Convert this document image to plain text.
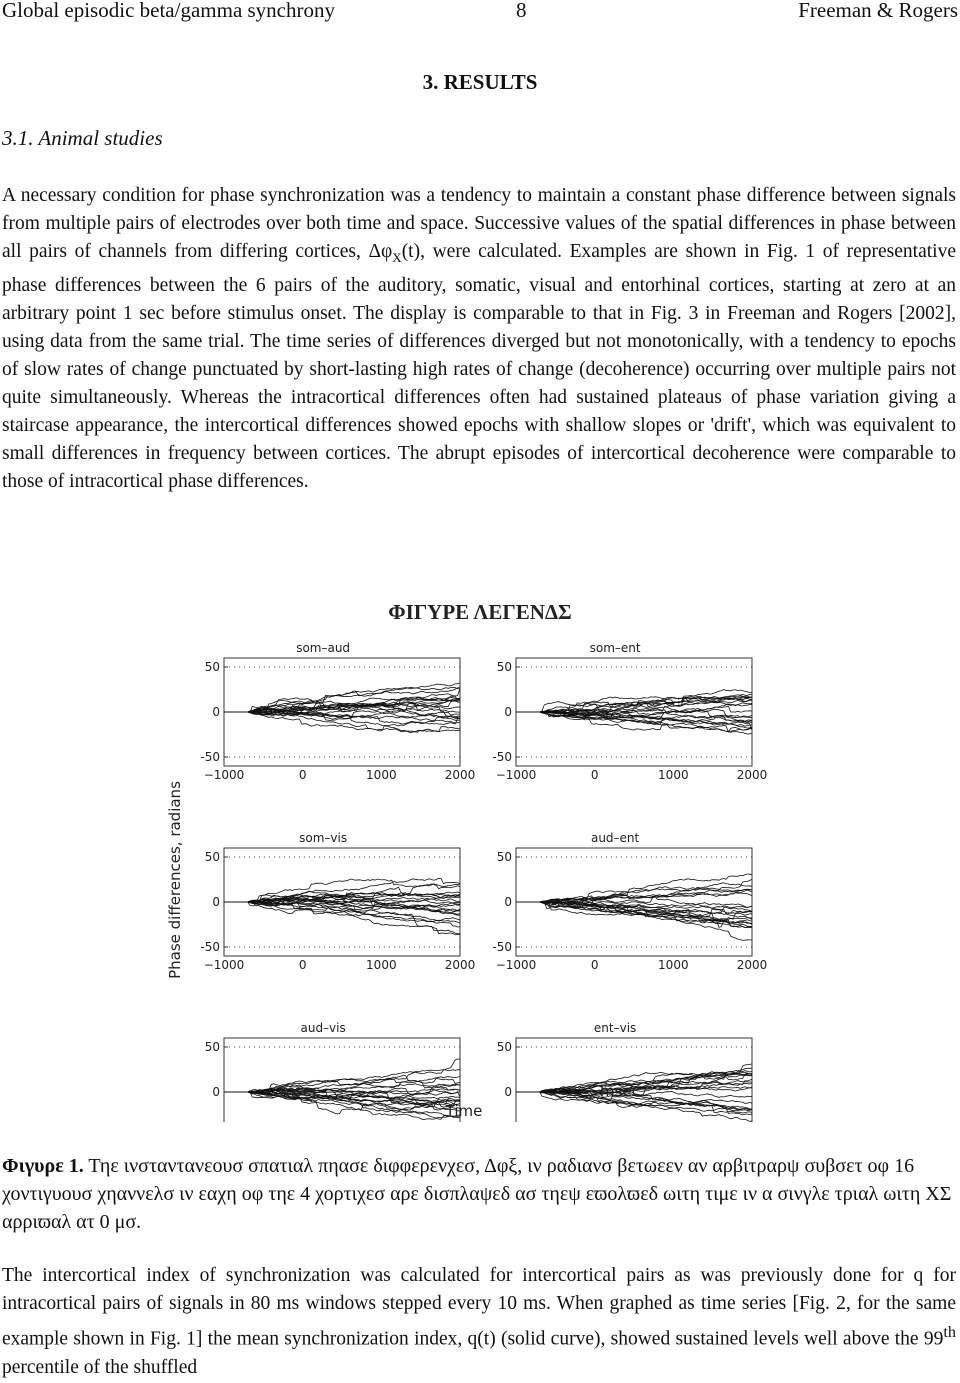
Global episodic beta/gamma synchrony	8	Freeman & Rogers
3. RESULTS
3.1. Animal studies
A necessary condition for phase synchronization was a tendency to maintain a constant phase difference between signals from multiple pairs of electrodes over both time and space. Successive values of the spatial differences in phase between all pairs of channels from differing cortices, $\Delta\varphi_X(t)$, were calculated. Examples are shown in Fig. 1 of representative phase differences between the 6 pairs of the auditory, somatic, visual and entorhinal cortices, starting at zero at an arbitrary point 1 sec before stimulus onset. The display is comparable to that in Fig. 3 in Freeman and Rogers [2002], using data from the same trial. The time series of differences diverged but not monotonically, with a tendency to epochs of slow rates of change punctuated by short-lasting high rates of change (decoherence) occurring over multiple pairs not quite simultaneously. Whereas the intracortical differences often had sustained plateaus of phase variation giving a staircase appearance, the intercortical differences showed epochs with shallow slopes or 'drift', which was equivalent to small differences in frequency between cortices. The abrupt episodes of intercortical decoherence were comparable to those of intracortical phase differences.
ΦΙΓΥΡΕ ΛΕΓΕΝΔΣ
som–aud
50
0
-50
−1000	0	1000	2000
som–ent
50
0
-50
−1000	0	1000	2000
som–vis
50
0
-50
−1000	0	1000	2000
aud–ent
50
0
-50
−1000	0	1000	2000
aud–vis
50
0
ent–vis
50
0
Phase differences, radians
msec	msec
Time
Φιγυρε 1. Τηε ινσταντανεουσ σπατιαλ πηασε διφφερενχεσ, Δφξ, ιν ραδιανσ βετωεεν αν αρβιτραρψ συβσετ οφ 16 χοντιγυουσ χηαννελσ ιν εαχη οφ τηε 4 χορτιχεσ αρε δισπλαψεδ ασ τηεψ εϖολϖεδ ωιτη τιμε ιν α σινγλε τριαλ ωιτη ΧΣ αρριϖαλ ατ 0 μσ.
The intercortical index of synchronization was calculated for intercortical pairs as was previously done for q for intracortical pairs of signals in 80 ms windows stepped every 10 ms. When graphed as time series [Fig. 2, for the same example shown in Fig. 1] the mean synchronization index, q(t) (solid curve), showed sustained levels well above the 99th percentile of the shuffled
